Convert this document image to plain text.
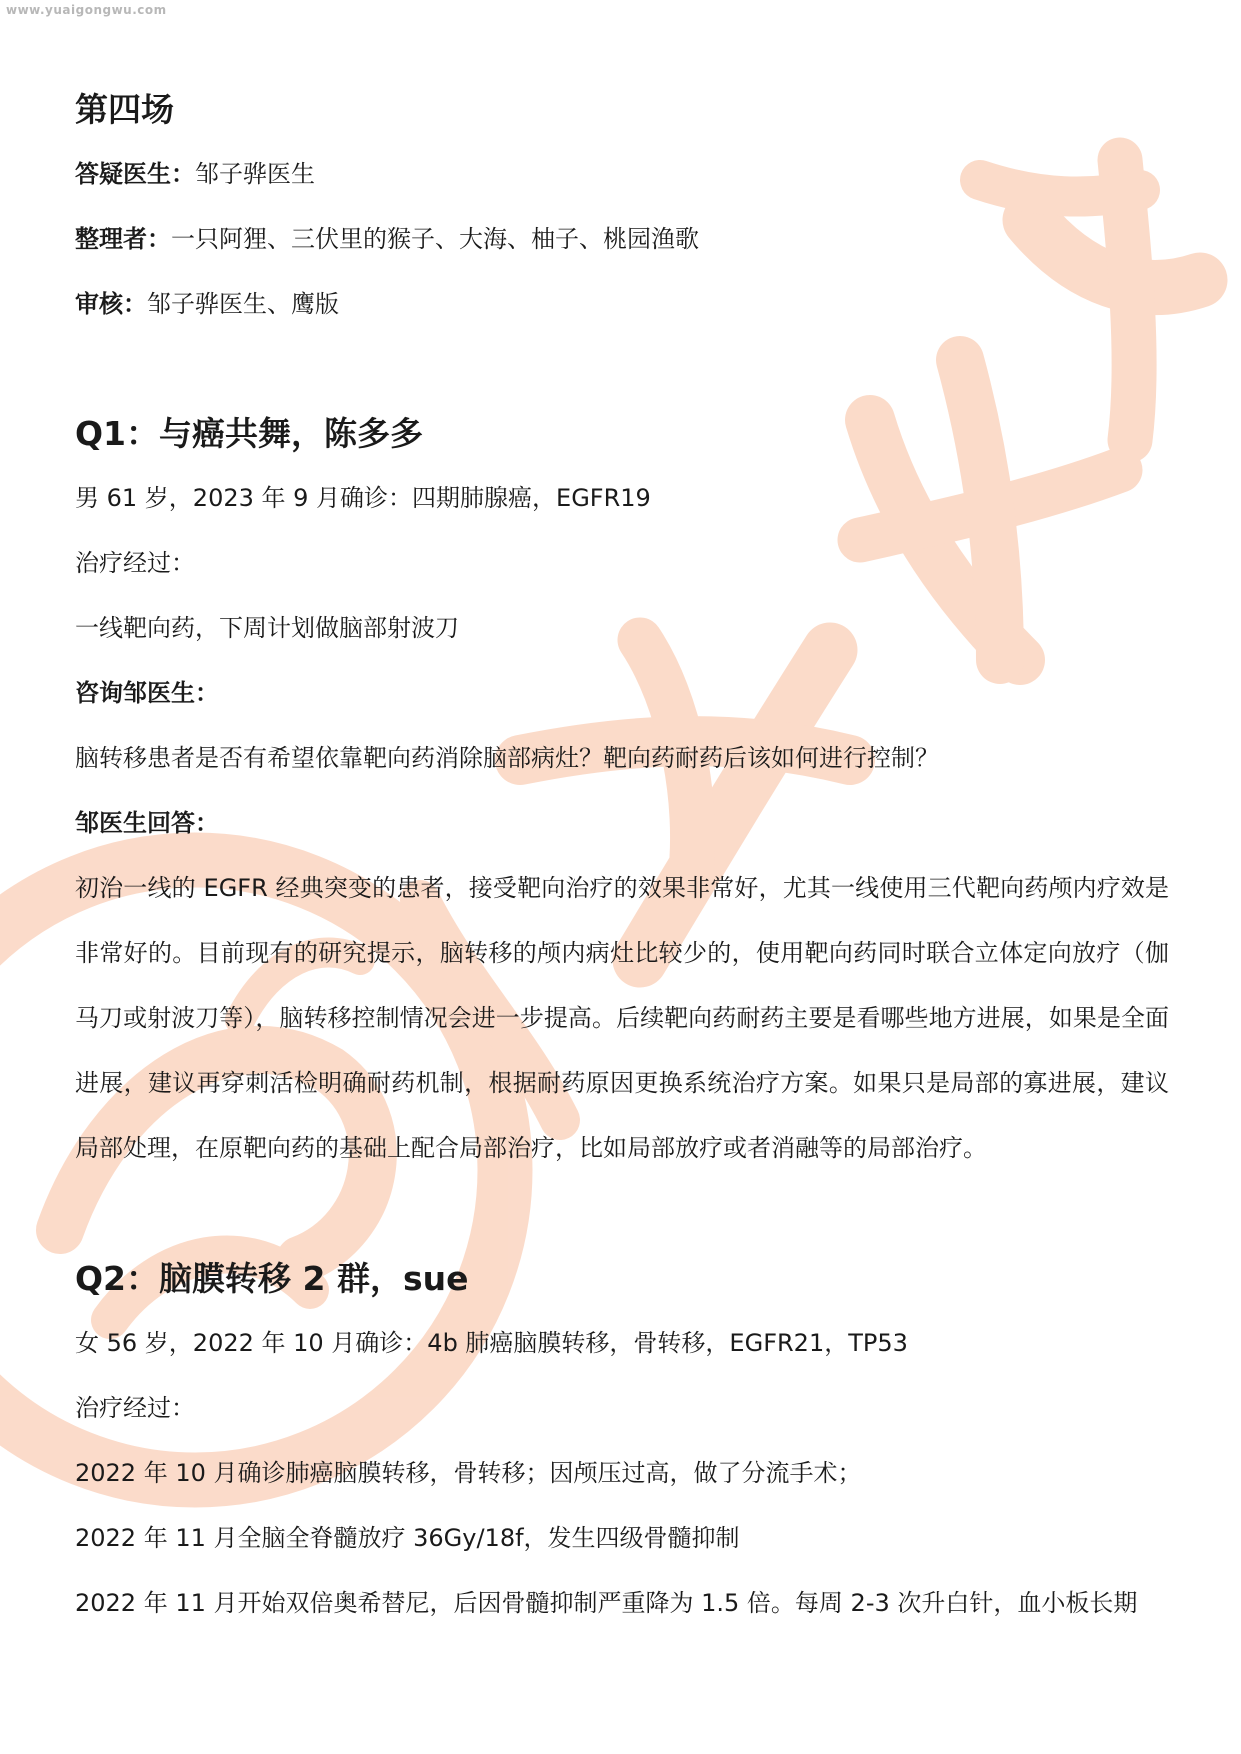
www.yuaigongwu.com
第四场
答疑医生：邹子骅医生
整理者：一只阿狸、三伏里的猴子、大海、柚子、桃园渔歌
审核：邹子骅医生、鹰版
Q1：与癌共舞，陈多多
男 61 岁，2023 年 9 月确诊：四期肺腺癌，EGFR19
治疗经过：
一线靶向药，下周计划做脑部射波刀
咨询邹医生：
脑转移患者是否有希望依靠靶向药消除脑部病灶？靶向药耐药后该如何进行控制？
邹医生回答：
初治一线的 EGFR 经典突变的患者，接受靶向治疗的效果非常好，尤其一线使用三代靶向药颅内疗效是非常好的。目前现有的研究提示，脑转移的颅内病灶比较少的，使用靶向药同时联合立体定向放疗（伽马刀或射波刀等），脑转移控制情况会进一步提高。后续靶向药耐药主要是看哪些地方进展，如果是全面进展，建议再穿刺活检明确耐药机制，根据耐药原因更换系统治疗方案。如果只是局部的寡进展，建议局部处理，在原靶向药的基础上配合局部治疗，比如局部放疗或者消融等的局部治疗。
Q2：脑膜转移 2 群，sue
女 56 岁，2022 年 10 月确诊：4b 肺癌脑膜转移，骨转移，EGFR21，TP53
治疗经过：
2022 年 10 月确诊肺癌脑膜转移，骨转移；因颅压过高，做了分流手术；
2022 年 11 月全脑全脊髓放疗 36Gy/18f，发生四级骨髓抑制
2022 年 11 月开始双倍奥希替尼，后因骨髓抑制严重降为 1.5 倍。每周 2-3 次升白针，血小板长期
